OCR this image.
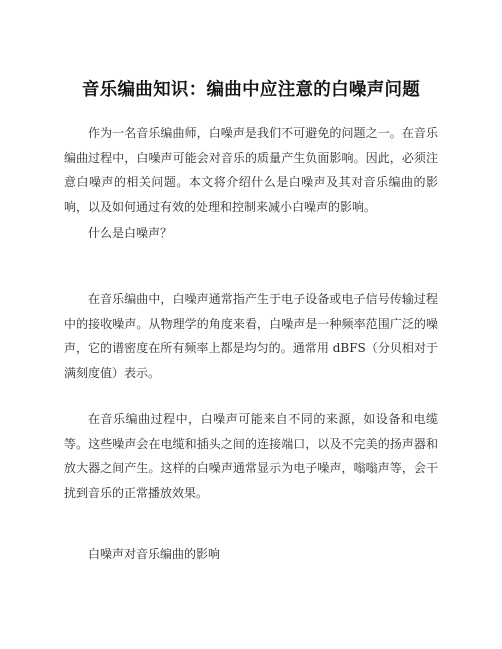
音乐编曲知识：编曲中应注意的白噪声问题

作为一名音乐编曲师，白噪声是我们不可避免的问题之一。在音乐编曲过程中，白噪声可能会对音乐的质量产生负面影响。因此，必须注意白噪声的相关问题。本文将介绍什么是白噪声及其对音乐编曲的影响，以及如何通过有效的处理和控制来减小白噪声的影响。

什么是白噪声？

在音乐编曲中，白噪声通常指产生于电子设备或电子信号传输过程中的接收噪声。从物理学的角度来看，白噪声是一种频率范围广泛的噪声，它的谱密度在所有频率上都是均匀的。通常用 dBFS（分贝相对于满刻度值）表示。

在音乐编曲过程中，白噪声可能来自不同的来源，如设备和电缆等。这些噪声会在电缆和插头之间的连接端口，以及不完美的扬声器和放大器之间产生。这样的白噪声通常显示为电子噪声，嗡嗡声等，会干扰到音乐的正常播放效果。

白噪声对音乐编曲的影响
